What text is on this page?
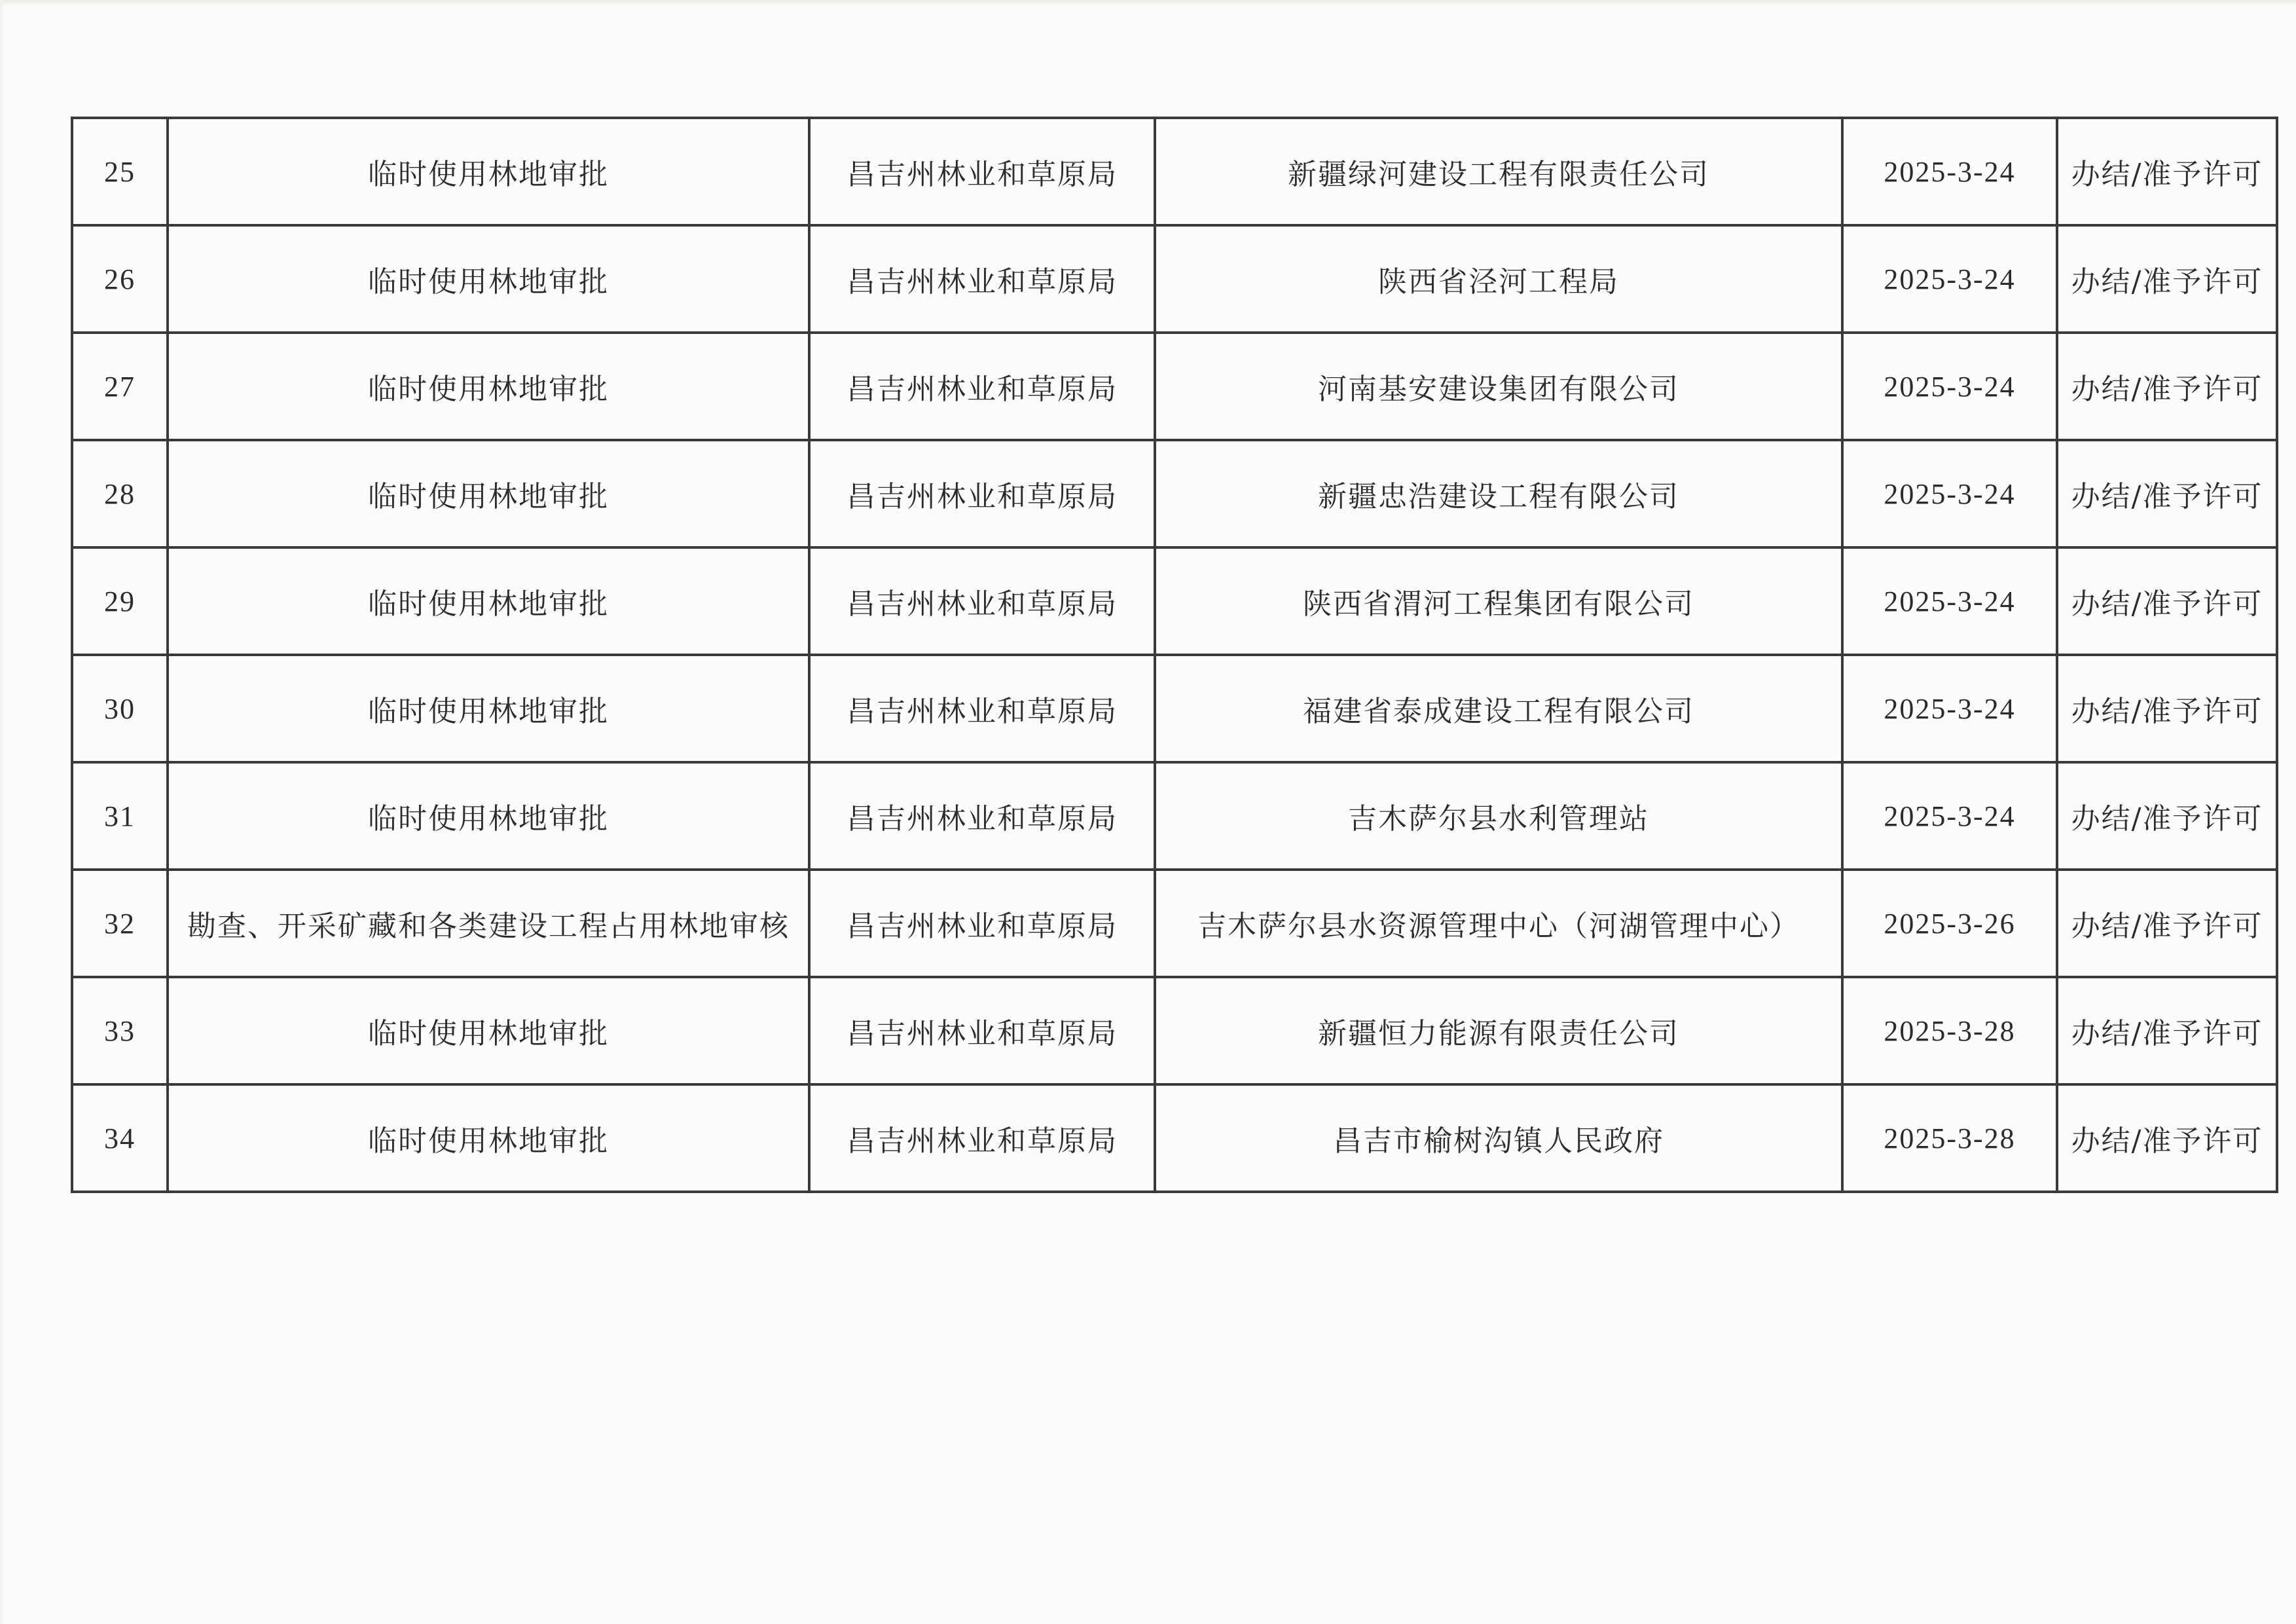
25	临时使用林地审批	昌吉州林业和草原局	新疆绿河建设工程有限责任公司	2025-3-24	办结/准予许可
26	临时使用林地审批	昌吉州林业和草原局	陕西省泾河工程局	2025-3-24	办结/准予许可
27	临时使用林地审批	昌吉州林业和草原局	河南基安建设集团有限公司	2025-3-24	办结/准予许可
28	临时使用林地审批	昌吉州林业和草原局	新疆忠浩建设工程有限公司	2025-3-24	办结/准予许可
29	临时使用林地审批	昌吉州林业和草原局	陕西省渭河工程集团有限公司	2025-3-24	办结/准予许可
30	临时使用林地审批	昌吉州林业和草原局	福建省泰成建设工程有限公司	2025-3-24	办结/准予许可
31	临时使用林地审批	昌吉州林业和草原局	吉木萨尔县水利管理站	2025-3-24	办结/准予许可
32	勘查、开采矿藏和各类建设工程占用林地审核	昌吉州林业和草原局	吉木萨尔县水资源管理中心（河湖管理中心）	2025-3-26	办结/准予许可
33	临时使用林地审批	昌吉州林业和草原局	新疆恒力能源有限责任公司	2025-3-28	办结/准予许可
34	临时使用林地审批	昌吉州林业和草原局	昌吉市榆树沟镇人民政府	2025-3-28	办结/准予许可
